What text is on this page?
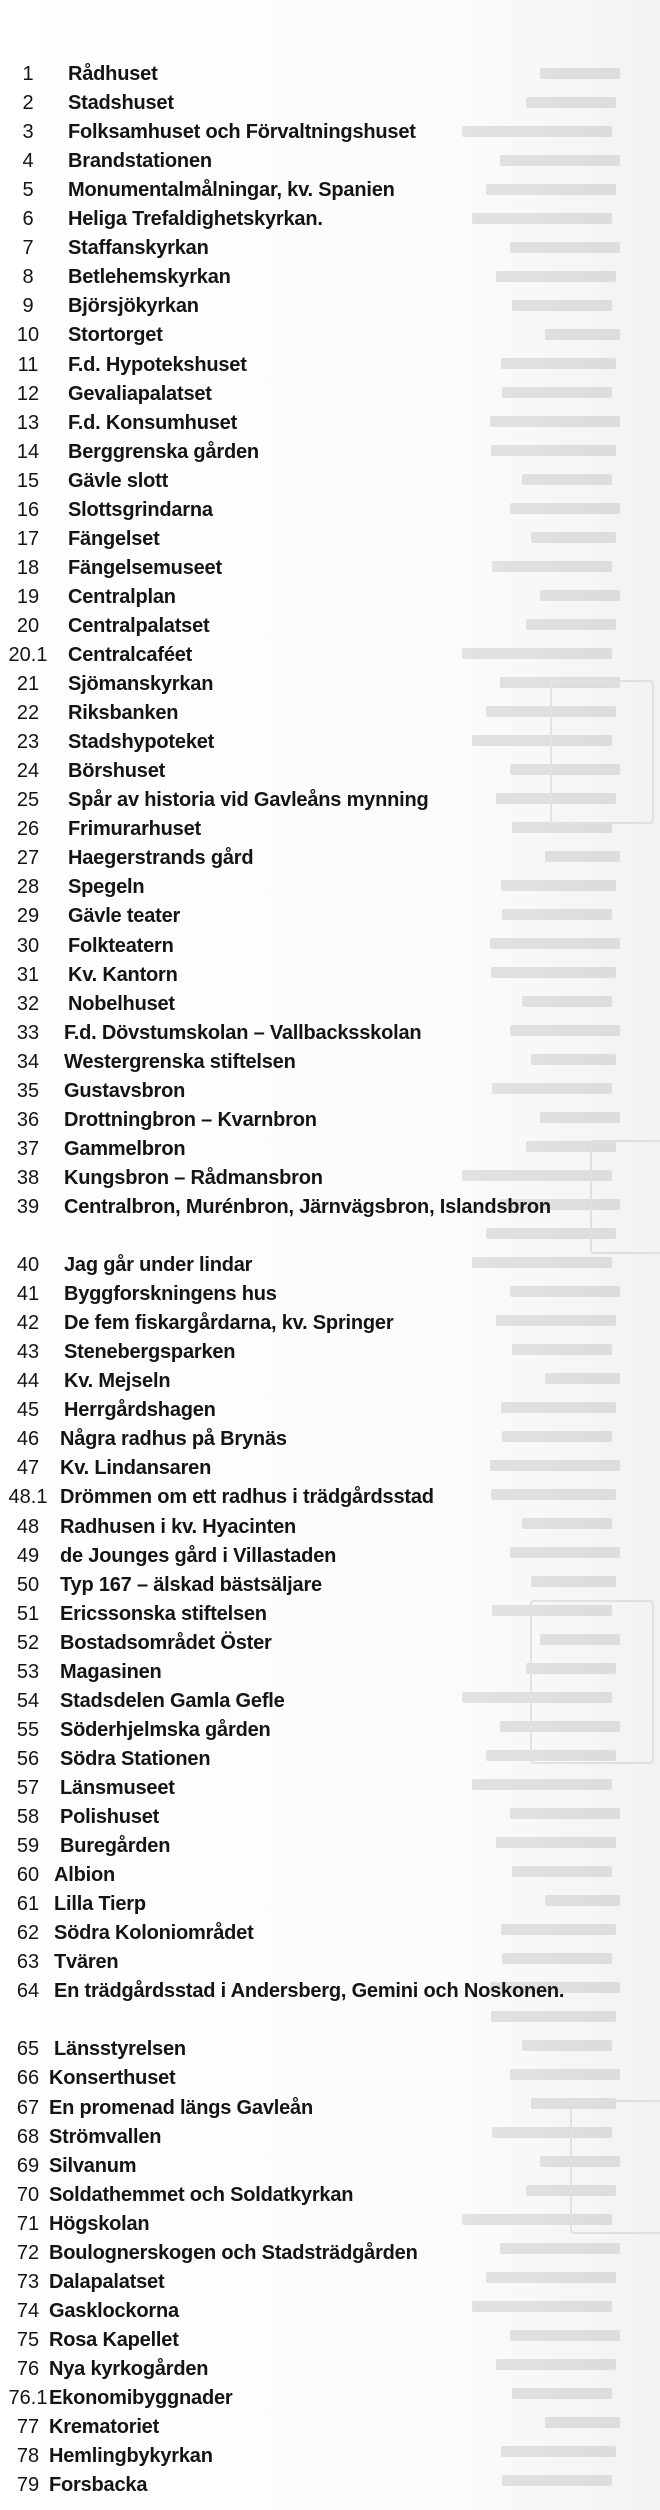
1	Rådhuset
2	Stadshuset
3	Folksamhuset och Förvaltningshuset
4	Brandstationen
5	Monumentalmålningar, kv. Spanien
6	Heliga Trefaldighetskyrkan.
7	Staffanskyrkan
8	Betlehemskyrkan
9	Björsjökyrkan
10	Stortorget
11	F.d. Hypotekshuset
12	Gevaliapalatset
13	F.d. Konsumhuset
14	Berggrenska gården
15	Gävle slott
16	Slottsgrindarna
17	Fängelset
18	Fängelsemuseet
19	Centralplan
20	Centralpalatset
20.1	Centralcaféet
21	Sjömanskyrkan
22	Riksbanken
23	Stadshypoteket
24	Börshuset
25	Spår av historia vid Gavleåns mynning
26	Frimurarhuset
27	Haegerstrands gård
28	Spegeln
29	Gävle teater
30	Folkteatern
31	Kv. Kantorn
32	Nobelhuset
33	F.d. Dövstumskolan – Vallbacksskolan
34	Westergrenska stiftelsen
35	Gustavsbron
36	Drottningbron – Kvarnbron
37	Gammelbron
38	Kungsbron – Rådmansbron
39	Centralbron, Murénbron, Järnvägsbron, Islandsbron
40	Jag går under lindar
41	Byggforskningens hus
42	De fem fiskargårdarna, kv. Springer
43	Stenebergsparken
44	Kv. Mejseln
45	Herrgårdshagen
46	Några radhus på Brynäs
47	Kv. Lindansaren
48.1 Drömmen om ett radhus i trädgårdsstad
48	Radhusen i kv. Hyacinten
49	de Jounges gård i Villastaden
50	Typ 167 – älskad bästsäljare
51	Ericssonska stiftelsen
52	Bostadsområdet Öster
53	Magasinen
54	Stadsdelen Gamla Gefle
55	Söderhjelmska gården
56	Södra Stationen
57	Länsmuseet
58	Polishuset
59	Buregården
60 Albion
61 Lilla Tierp
62 Södra Koloniområdet
63 Tvären
64 En trädgårdsstad i Andersberg, Gemini och Noskonen.
65 Länsstyrelsen
66 Konserthuset
67 En promenad längs Gavleån
68 Strömvallen
69 Silvanum
70 Soldathemmet och Soldatkyrkan
71 Högskolan
72 Boulognerskogen och Stadsträdgården
73 Dalapalatset
74 Gasklockorna
75 Rosa Kapellet
76 Nya kyrkogården
76.1 Ekonomibyggnader
77 Krematoriet
78 Hemlingbykyrkan
79 Forsbacka
